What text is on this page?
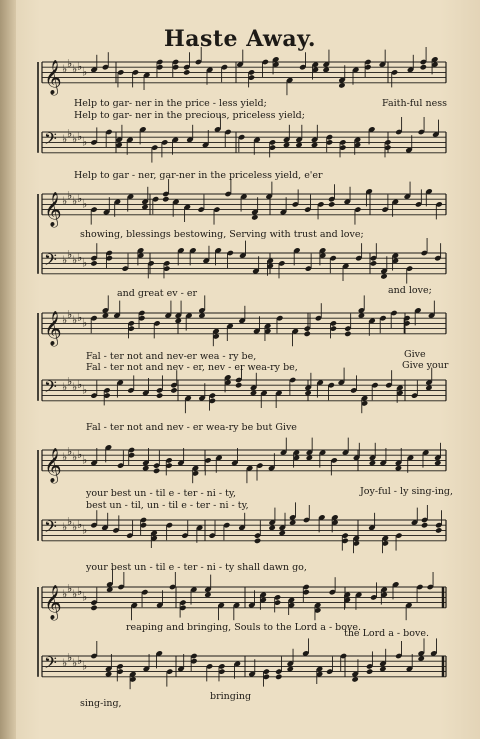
Haste Away.
𝄞 ♭ ♭ ♭ ♭ ♭
𝄢 ♭ ♭ ♭ ♭ ♭
𝄞 ♭ ♭ ♭ ♭ ♭
𝄢 ♭ ♭ ♭ ♭ ♭
𝄞 ♭ ♭ ♭ ♭ ♭
𝄢 ♭ ♭ ♭ ♭ ♭
𝄞 ♭ ♭ ♭ ♭ ♭
𝄢 ♭ ♭ ♭ ♭ ♭
𝄞 ♭ ♭ ♭ ♭ ♭
𝄢 ♭ ♭ ♭ ♭ ♭
Help to gar- ner in the price - less yield;	Faith-ful ness
Help to gar- ner in the precious, priceless yield;
Help to gar - ner, gar-ner in the priceless yield, e'er
showing, blessings bestowing, Serving with trust and love;
and great ev - er	and love;
Fal - ter not and nev-er wea - ry be,	Give
Fal - ter not and nev - er, nev - er wea-ry be,	Give your
Fal - ter not and nev - er wea-ry be but Give
your best un - til e - ter - ni - ty,	Joy-ful - ly sing-ing,
best un - til, un - til e - ter - ni - ty,
your best un - til e - ter - ni - ty shall dawn go,
reaping and bringing, Souls to the Lord a - bove.
the Lord a - bove.
sing-ing,
bringing
